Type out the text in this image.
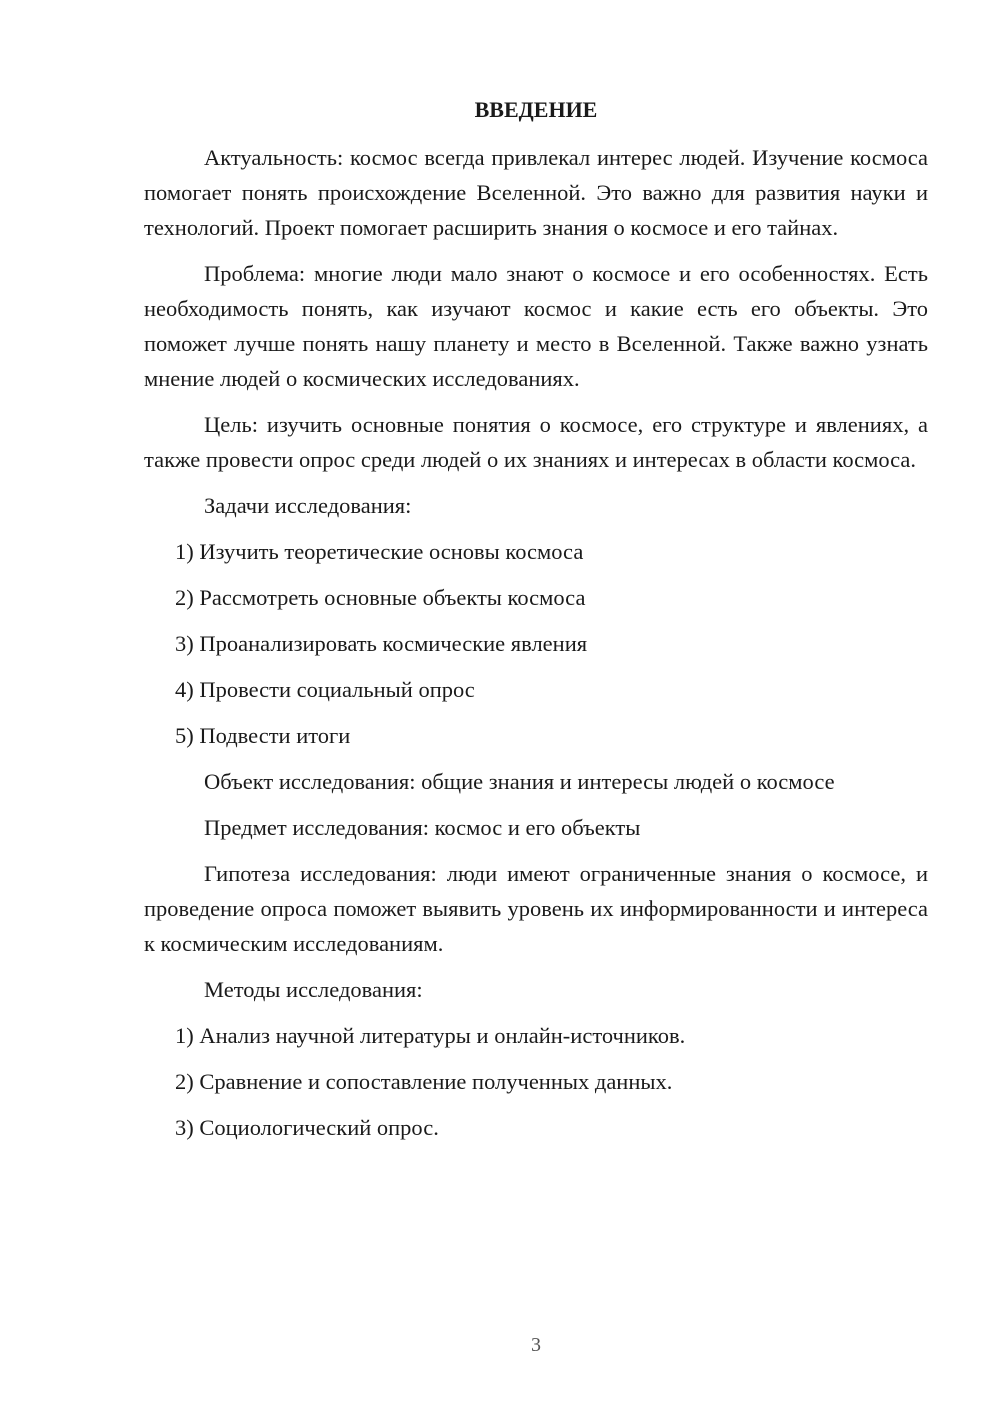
ВВЕДЕНИЕ

Актуальность: космос всегда привлекал интерес людей. Изучение космоса помогает понять происхождение Вселенной. Это важно для развития науки и технологий. Проект помогает расширить знания о космосе и его тайнах.

Проблема: многие люди мало знают о космосе и его особенностях. Есть необходимость понять, как изучают космос и какие есть его объекты. Это поможет лучше понять нашу планету и место в Вселенной. Также важно узнать мнение людей о космических исследованиях.

Цель: изучить основные понятия о космосе, его структуре и явлениях, а также провести опрос среди людей о их знаниях и интересах в области космоса.

Задачи исследования:
1) Изучить теоретические основы космоса
2) Рассмотреть основные объекты космоса
3) Проанализировать космические явления
4) Провести социальный опрос
5) Подвести итоги
Объект исследования: общие знания и интересы людей о космосе
Предмет исследования: космос и его объекты

Гипотеза исследования: люди имеют ограниченные знания о космосе, и проведение опроса поможет выявить уровень их информированности и интереса к космическим исследованиям.

Методы исследования:
1) Анализ научной литературы и онлайн-источников.
2) Сравнение и сопоставление полученных данных.
3) Социологический опрос.
3
